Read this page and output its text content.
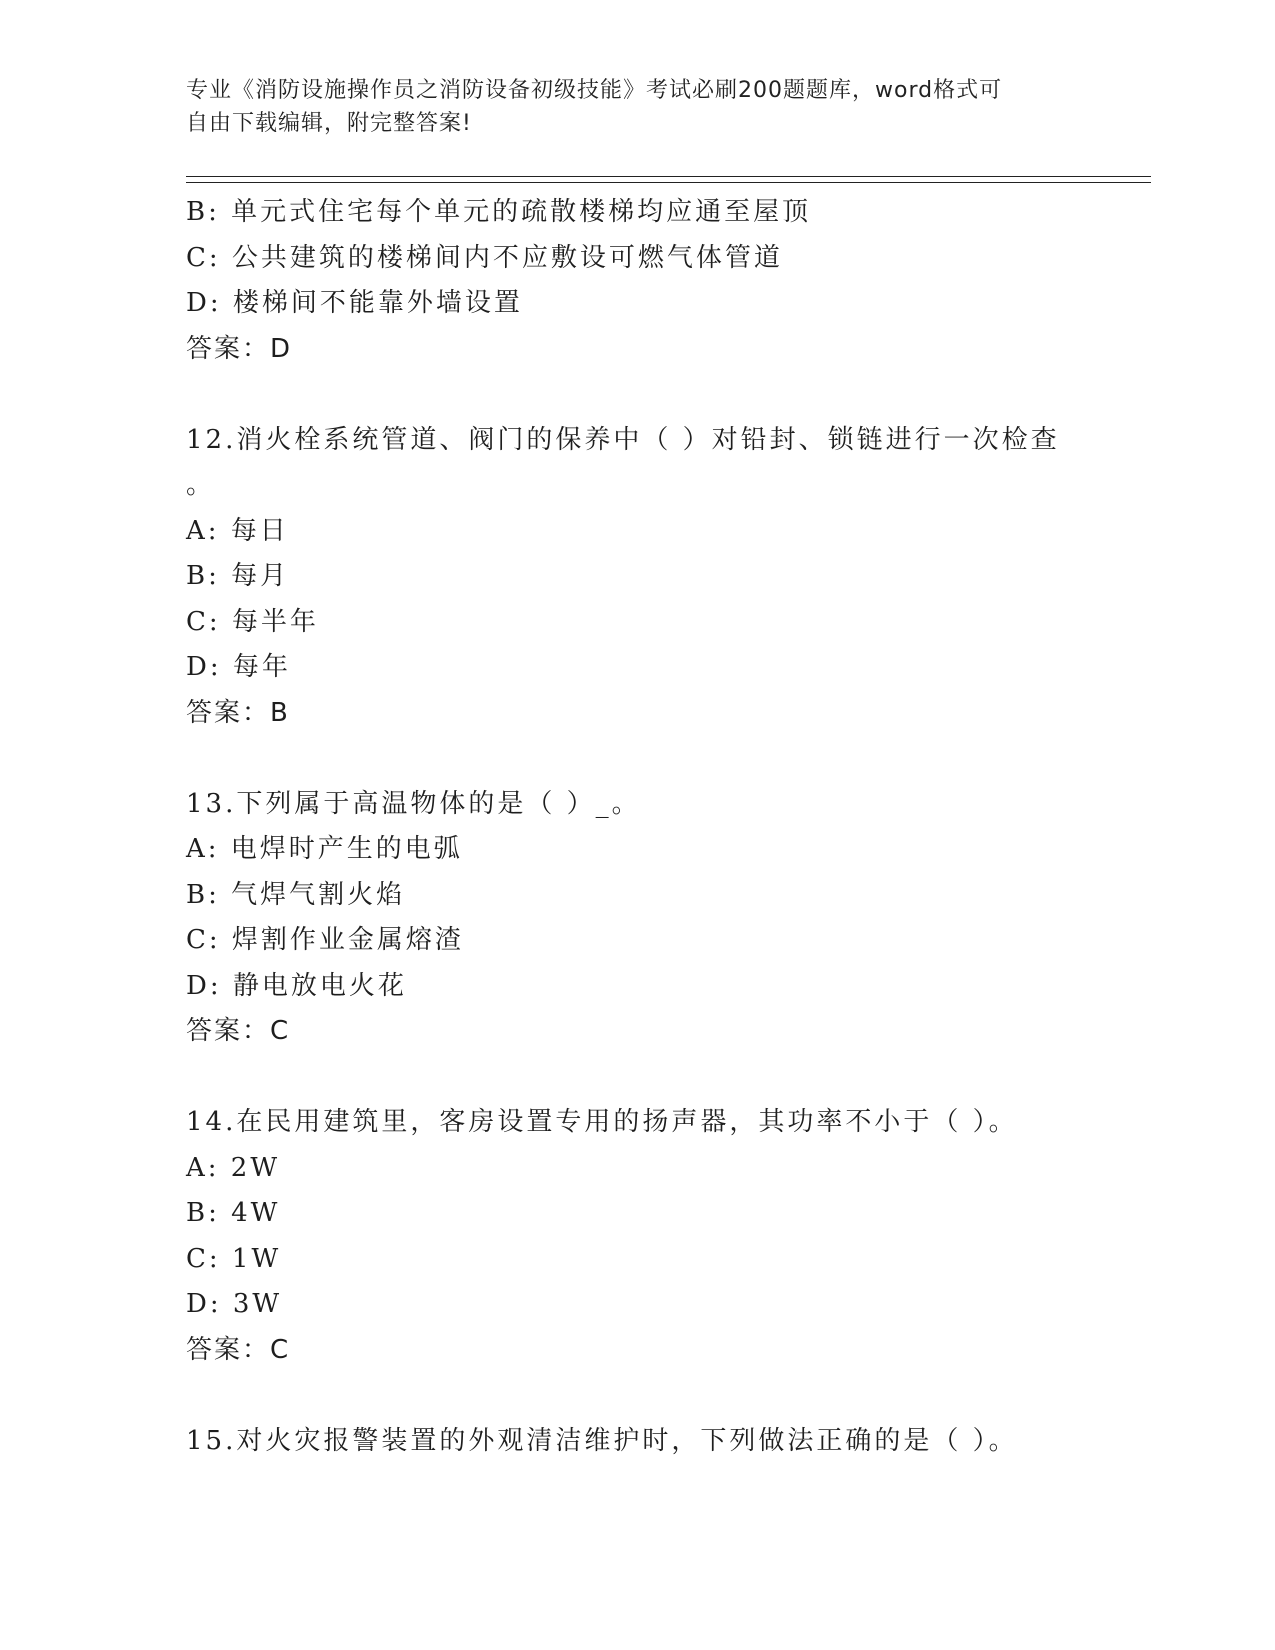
专业《消防设施操作员之消防设备初级技能》考试必刷200题题库，word格式可
自由下载编辑，附完整答案!
B: 单元式住宅每个单元的疏散楼梯均应通至屋顶
C: 公共建筑的楼梯间内不应敷设可燃气体管道
D: 楼梯间不能靠外墙设置
答案：D
12.消火栓系统管道、阀门的保养中（ ）对铅封、锁链进行一次检查
。
A: 每日
B: 每月
C: 每半年
D: 每年
答案：B
13.下列属于高温物体的是（ ）_。
A: 电焊时产生的电弧
B: 气焊气割火焰
C: 焊割作业金属熔渣
D: 静电放电火花
答案：C
14.在民用建筑里，客房设置专用的扬声器，其功率不小于（ ）。
A: 2W
B: 4W
C: 1W
D: 3W
答案：C
15.对火灾报警装置的外观清洁维护时，下列做法正确的是（ ）。
